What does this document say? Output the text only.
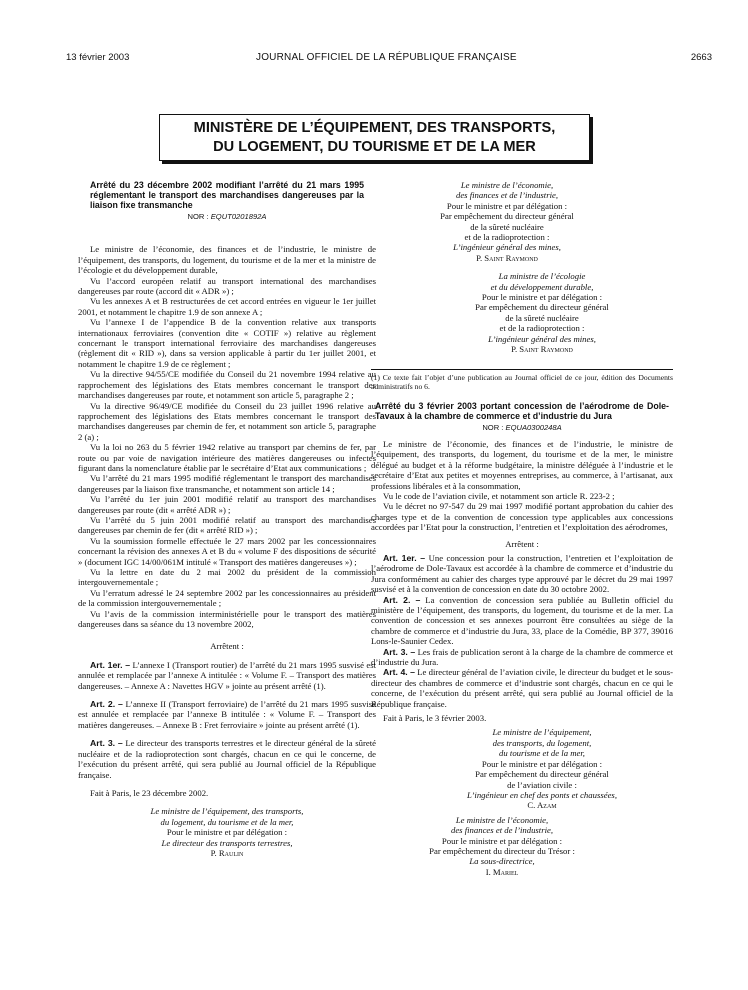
13 février 2003	JOURNAL OFFICIEL DE LA RÉPUBLIQUE FRANÇAISE	2663
MINISTÈRE DE L’ÉQUIPEMENT, DES TRANSPORTS,
DU LOGEMENT, DU TOURISME ET DE LA MER
Arrêté du 23 décembre 2002 modifiant l’arrêté du 21 mars 1995 réglementant le transport des marchandises dangereuses par la liaison fixe transmanche
NOR : EQUT0201892A

Le ministre de l’économie, des finances et de l’industrie, le ministre de l’équipement, des transports, du logement, du tourisme et de la mer et la ministre de l’écologie et du développement durable,

Vu l’accord européen relatif au transport international des marchandises dangereuses par route (accord dit « ADR ») ;

Vu les annexes A et B restructurées de cet accord entrées en vigueur le 1er juillet 2001, et notamment le chapitre 1.9 de son annexe A ;

Vu l’annexe I de l’appendice B de la convention relative aux transports internationaux ferroviaires (convention dite « COTIF ») relative au règlement concernant le transport international ferroviaire des marchandises dangereuses (règlement dit « RID »), dans sa version applicable à partir du 1er juillet 2001, et notamment le chapitre 1.9 de ce règlement ;

Vu la directive 94/55/CE modifiée du Conseil du 21 novembre 1994 relative au rapprochement des législations des Etats membres concernant le transport des marchandises dangereuses par route, et notamment son article 5, paragraphe 2 ;

Vu la directive 96/49/CE modifiée du Conseil du 23 juillet 1996 relative au rapprochement des législations des Etats membres concernant le transport des marchandises dangereuses par chemin de fer, et notamment son article 5, paragraphe 2 (a) ;

Vu la loi no 263 du 5 février 1942 relative au transport par chemins de fer, par route ou par voie de navigation intérieure des matières dangereuses ou infectes figurant dans la nomenclature établie par le secrétaire d’Etat aux communications ;

Vu l’arrêté du 21 mars 1995 modifié réglementant le transport des marchandises dangereuses par la liaison fixe transmanche, et notamment son article 14 ;

Vu l’arrêté du 1er juin 2001 modifié relatif au transport des marchandises dangereuses par route (dit « arrêté ADR ») ;

Vu l’arrêté du 5 juin 2001 modifié relatif au transport des marchandises dangereuses par chemin de fer (dit « arrêté RID ») ;

Vu la soumission formelle effectuée le 27 mars 2002 par les concessionnaires concernant la révision des annexes A et B du « volume F des dispositions de sécurité » (document IGC 14/00/061M intitulé « Transport des matières dangereuses ») ;

Vu la lettre en date du 2 mai 2002 du président de la commission intergouvernementale ;

Vu l’erratum adressé le 24 septembre 2002 par les concessionnaires au président de la commission intergouvernementale ;

Vu l’avis de la commission interministérielle pour le transport des matières dangereuses dans sa séance du 13 novembre 2002,

Arrêtent :

Art. 1er. – L’annexe I (Transport routier) de l’arrêté du 21 mars 1995 susvisé est annulée et remplacée par l’annexe A intitulée : « Volume F. – Transport des matières dangereuses. – Annexe A : Navettes HGV » jointe au présent arrêté (1).

Art. 2. – L’annexe II (Transport ferroviaire) de l’arrêté du 21 mars 1995 susvisé est annulée et remplacée par l’annexe B intitulée : « Volume F. – Transport des matières dangereuses. – Annexe B : Fret ferroviaire » jointe au présent arrêté (1).

Art. 3. – Le directeur des transports terrestres et le directeur général de la sûreté nucléaire et de la radioprotection sont chargés, chacun en ce qui le concerne, de l’exécution du présent arrêté, qui sera publié au Journal officiel de la République française.

Fait à Paris, le 23 décembre 2002.

Le ministre de l’équipement, des transports,
du logement, du tourisme et de la mer,
Pour le ministre et par délégation :
Le directeur des transports terrestres,
P. Raulin
Le ministre de l’économie,
des finances et de l’industrie,
Pour le ministre et par délégation :
Par empêchement du directeur général
de la sûreté nucléaire
et de la radioprotection :
L’ingénieur général des mines,
P. Saint Raymond
La ministre de l’écologie
et du développement durable,
Pour le ministre et par délégation :
Par empêchement du directeur général
de la sûreté nucléaire
et de la radioprotection :
L’ingénieur général des mines,
P. Saint Raymond
(1) Ce texte fait l’objet d’une publication au Journal officiel de ce jour, édition des Documents administratifs no 6.
Arrêté du 3 février 2003 portant concession de l’aérodrome de Dole-Tavaux à la chambre de commerce et d’industrie du Jura
NOR : EQUA0300248A

Le ministre de l’économie, des finances et de l’industrie, le ministre de l’équipement, des transports, du logement, du tourisme et de la mer, le ministre délégué au budget et à la réforme budgétaire, la ministre déléguée à l’industrie et le secrétaire d’Etat aux petites et moyennes entreprises, au commerce, à l’artisanat, aux professions libérales et à la consommation,

Vu le code de l’aviation civile, et notamment son article R. 223-2 ;

Vu le décret no 97-547 du 29 mai 1997 modifié portant approbation du cahier des charges type et de la convention de concession type applicables aux concessions accordées par l’Etat pour la construction, l’entretien et l’exploitation des aérodromes,

Arrêtent :

Art. 1er. – Une concession pour la construction, l’entretien et l’exploitation de l’aérodrome de Dole-Tavaux est accordée à la chambre de commerce et d’industrie du Jura conformément au cahier des charges type approuvé par le décret du 29 mai 1997 susvisé et à la convention de concession en date du 30 octobre 2002.

Art. 2. – La convention de concession sera publiée au Bulletin officiel du ministère de l’équipement, des transports, du logement, du tourisme et de la mer. La convention de concession et ses annexes pourront être consultées au siège de la chambre de commerce et d’industrie du Jura, 33, place de la Comédie, BP 377, 39016 Lons-le-Saunier Cedex.

Art. 3. – Les frais de publication seront à la charge de la chambre de commerce et d’industrie du Jura.

Art. 4. – Le directeur général de l’aviation civile, le directeur du budget et le sous-directeur des chambres de commerce et d’industrie sont chargés, chacun en ce qui le concerne, de l’exécution du présent arrêté, qui sera publié au Journal officiel de la République française.

Fait à Paris, le 3 février 2003.

Le ministre de l’équipement,
des transports, du logement,
du tourisme et de la mer,
Pour le ministre et par délégation :
Par empêchement du directeur général
de l’aviation civile :
L’ingénieur en chef des ponts et chaussées,
C. Azam
Le ministre de l’économie,
des finances et de l’industrie,
Pour le ministre et par délégation :
Par empêchement du directeur du Trésor :
La sous-directrice,
I. Mariel
